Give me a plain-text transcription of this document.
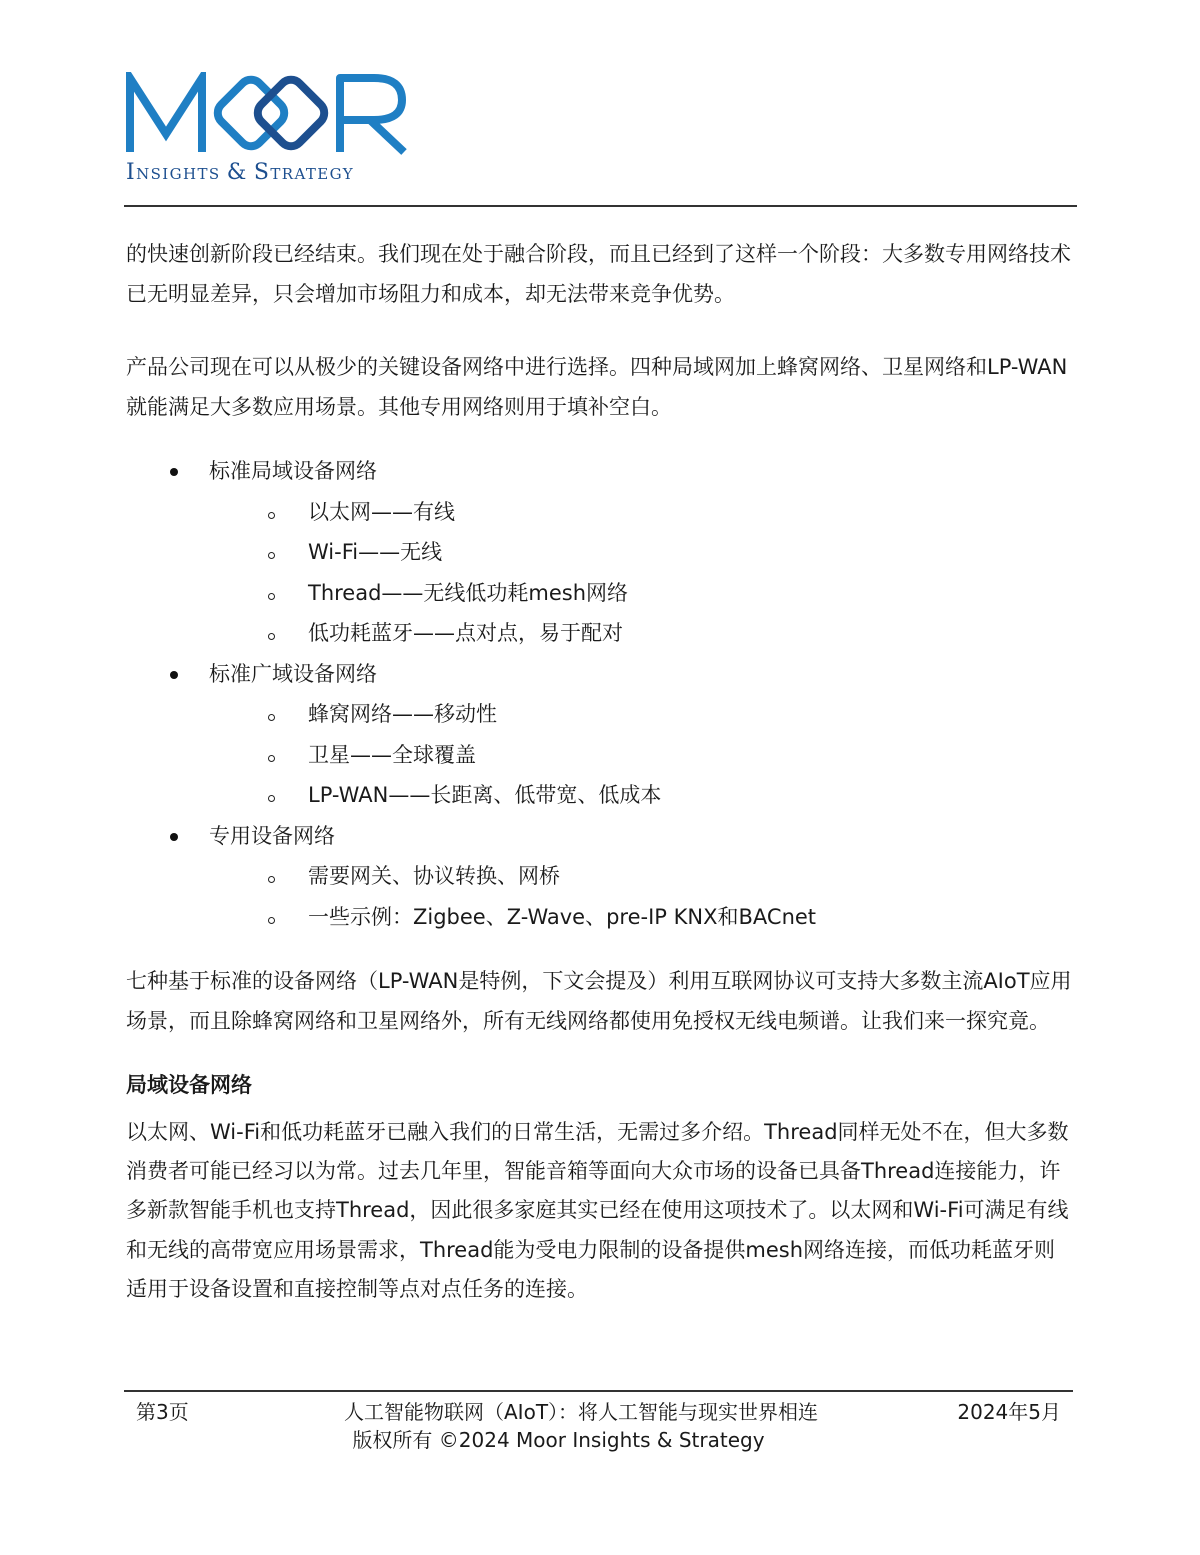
INSIGHTS & STRATEGY

的快速创新阶段已经结束。我们现在处于融合阶段，而且已经到了这样一个阶段：大多数专用网络技术已无明显差异，只会增加市场阻力和成本，却无法带来竞争优势。

产品公司现在可以从极少的关键设备网络中进行选择。四种局域网加上蜂窝网络、卫星网络和LP-WAN就能满足大多数应用场景。其他专用网络则用于填补空白。

标准局域设备网络
以太网——有线
Wi-Fi——无线
Thread——无线低功耗mesh网络
低功耗蓝牙——点对点，易于配对
标准广域设备网络
蜂窝网络——移动性
卫星——全球覆盖
LP-WAN——长距离、低带宽、低成本
专用设备网络
需要网关、协议转换、网桥
一些示例：Zigbee、Z-Wave、pre-IP KNX和BACnet

七种基于标准的设备网络（LP-WAN是特例，下文会提及）利用互联网协议可支持大多数主流AIoT应用场景，而且除蜂窝网络和卫星网络外，所有无线网络都使用免授权无线电频谱。让我们来一探究竟。

局域设备网络

以太网、Wi-Fi和低功耗蓝牙已融入我们的日常生活，无需过多介绍。Thread同样无处不在，但大多数消费者可能已经习以为常。过去几年里，智能音箱等面向大众市场的设备已具备Thread连接能力，许多新款智能手机也支持Thread，因此很多家庭其实已经在使用这项技术了。以太网和Wi-Fi可满足有线和无线的高带宽应用场景需求，Thread能为受电力限制的设备提供mesh网络连接，而低功耗蓝牙则适用于设备设置和直接控制等点对点任务的连接。

第3页	人工智能物联网（AIoT）：将人工智能与现实世界相连	2024年5月
版权所有 ©2024 Moor Insights & Strategy
